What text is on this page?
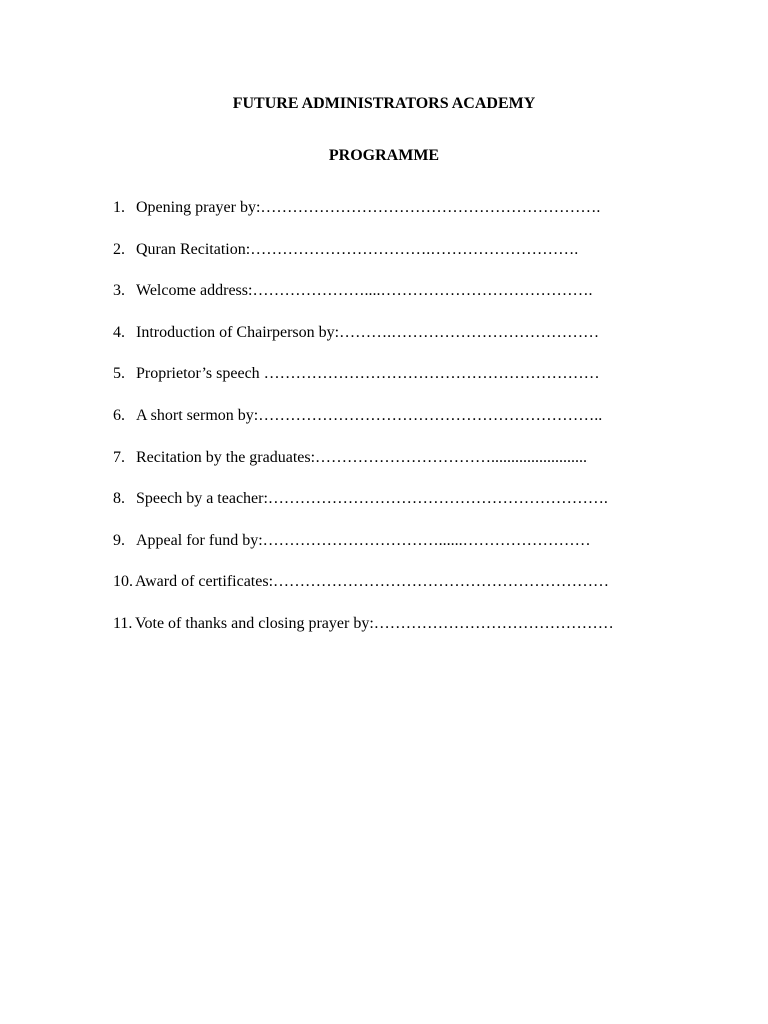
FUTURE ADMINISTRATORS ACADEMY
PROGRAMME
1. Opening prayer by:……………………………………………………….
2. Quran Recitation:…………………………….……………………….
3. Welcome address:…………………....………………………………….
4. Introduction of Chairperson by:……….…………………………………
5. Proprietor’s speech ………………………………………………………
6. A short sermon by:………………………………………………………..
7. Recitation by the graduates:……………………………........................
8. Speech by a teacher:……………………………………………………….
9. Appeal for fund by:……………………………......……………………
10. Award of certificates:………………………………………………………
11. Vote of thanks and closing prayer by:………………………………………
